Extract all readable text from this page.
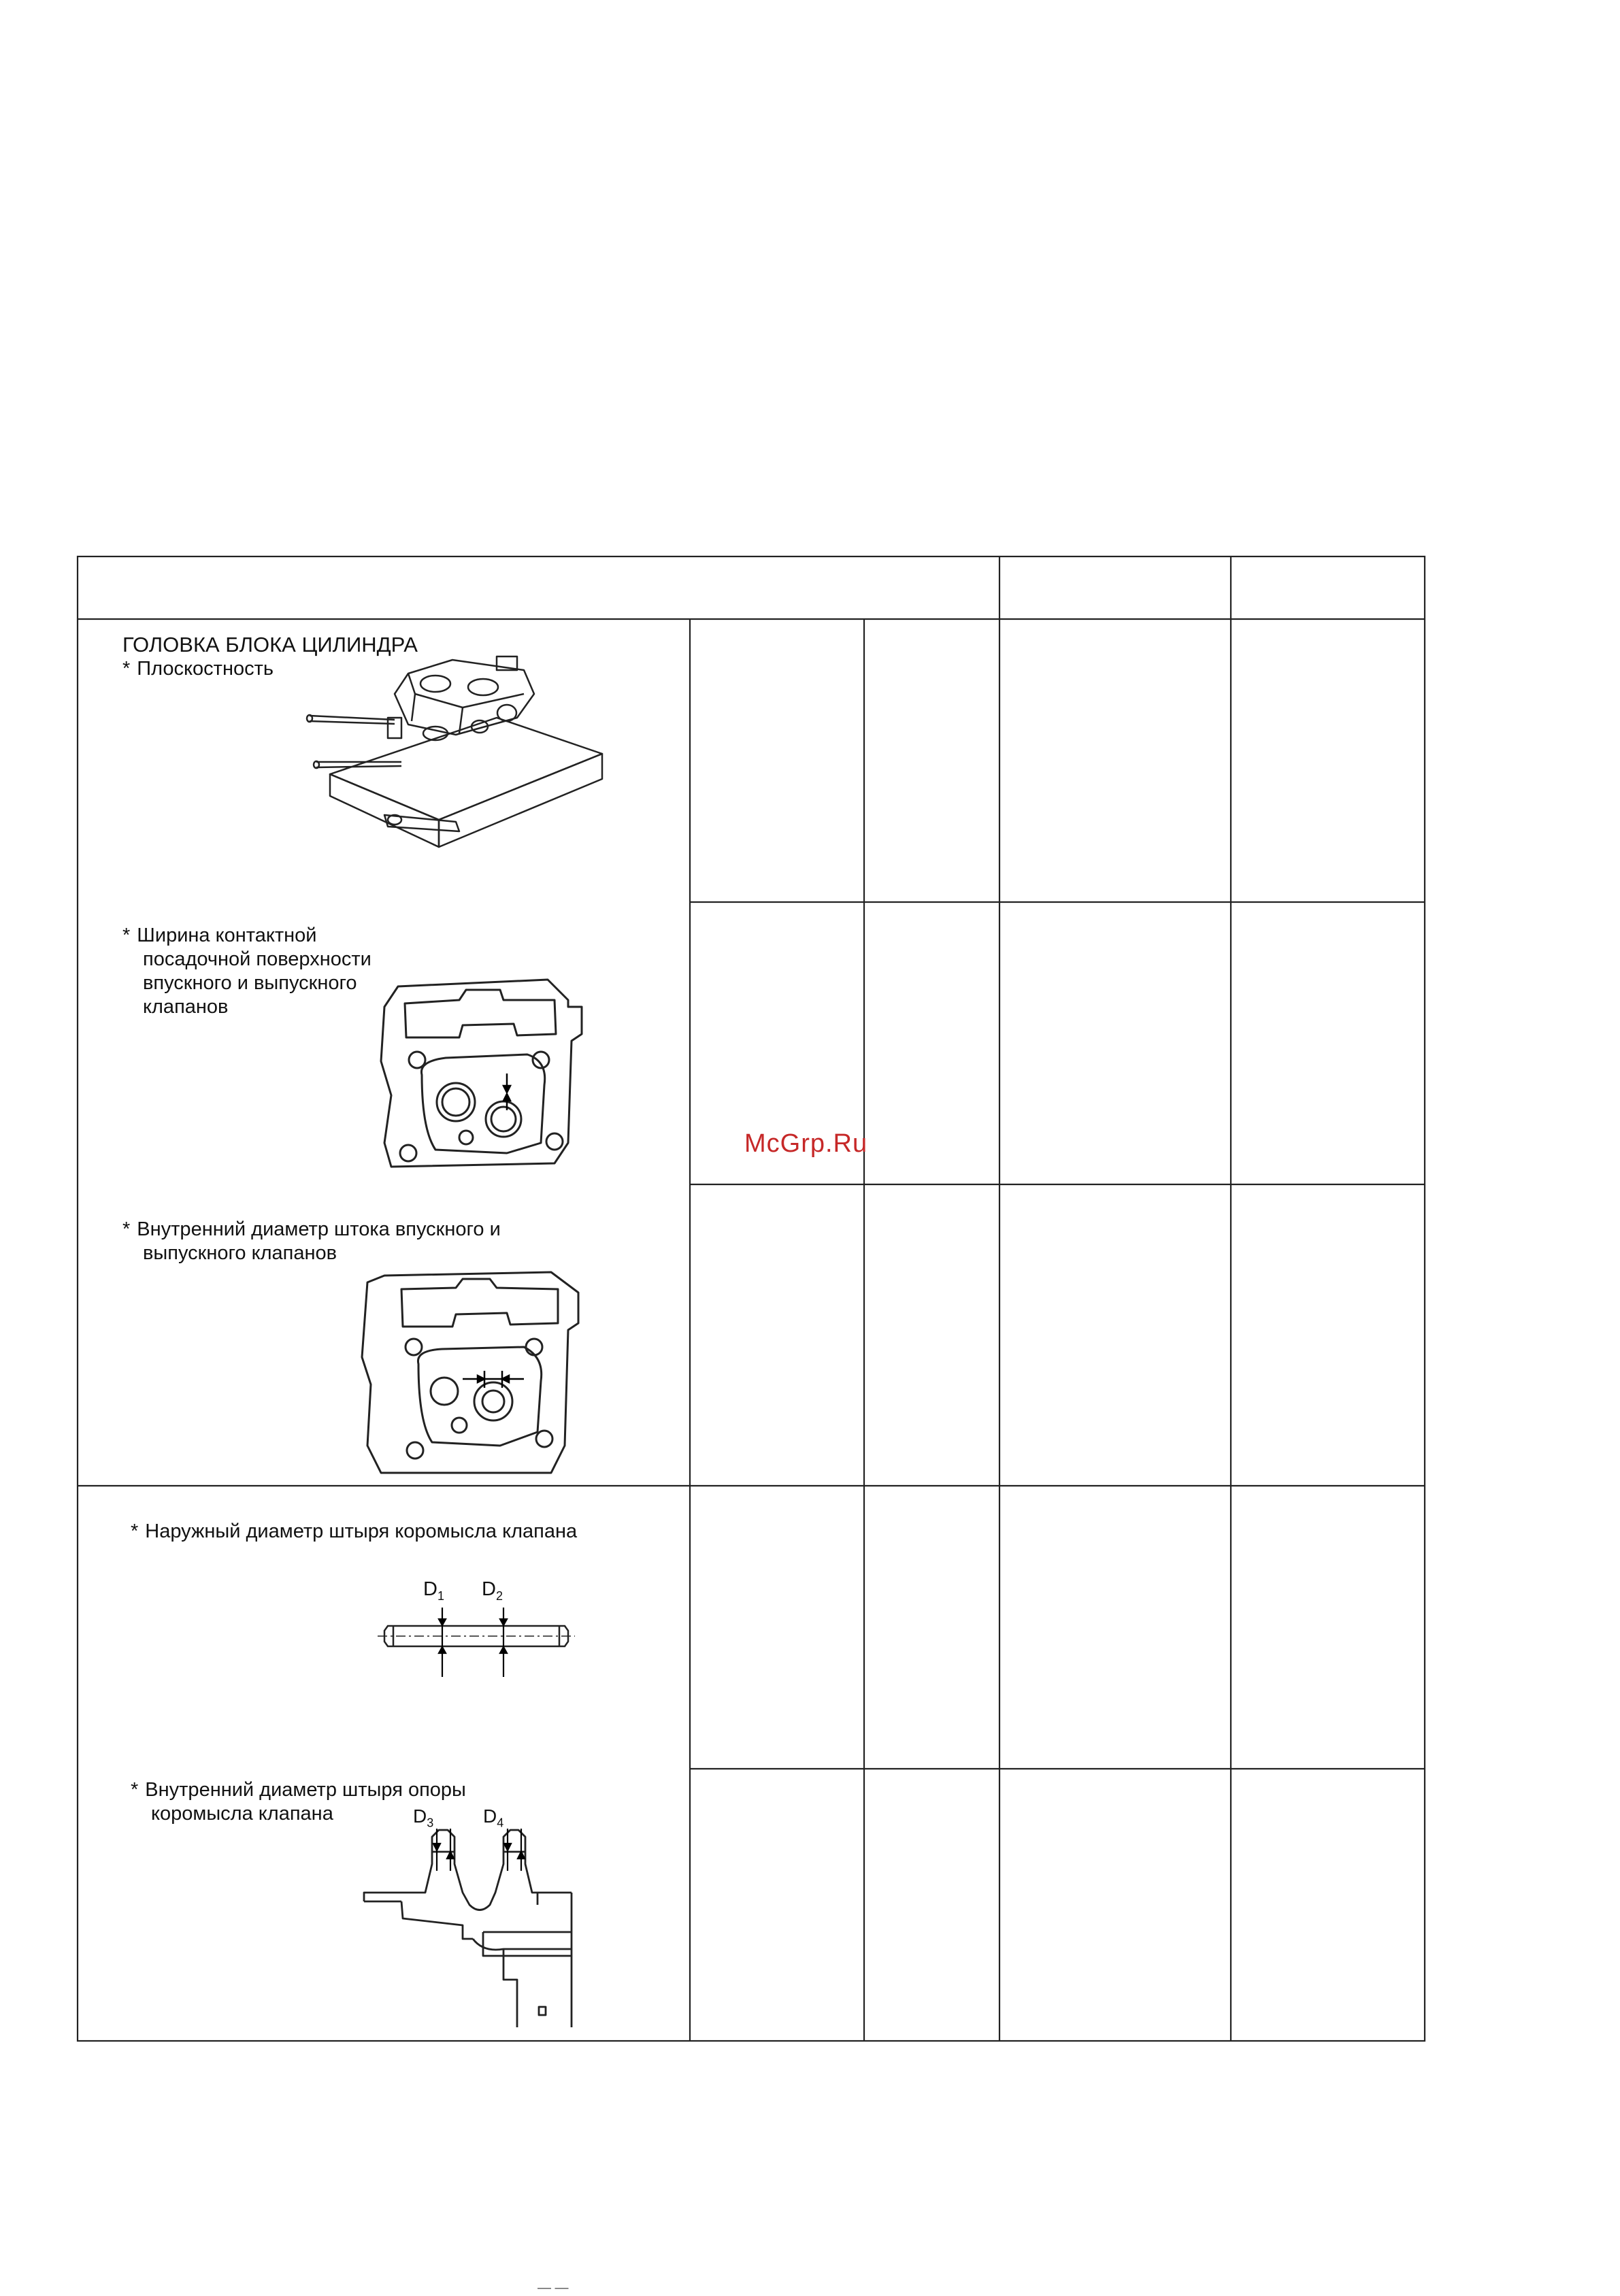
ГОЛОВКА БЛОКА ЦИЛИНДРА
* Плоскостность
* Ширина контактной
посадочной поверхности
впускного и выпускного
клапанов
* Внутренний диаметр штока впускного и
выпускного клапанов
* Наружный диаметр штыря коромысла клапана
* Внутренний диаметр штыря опоры
коромысла клапана
$D_1$ $D_2$
$D_3$	$D_4$
McGrp.Ru
— —
